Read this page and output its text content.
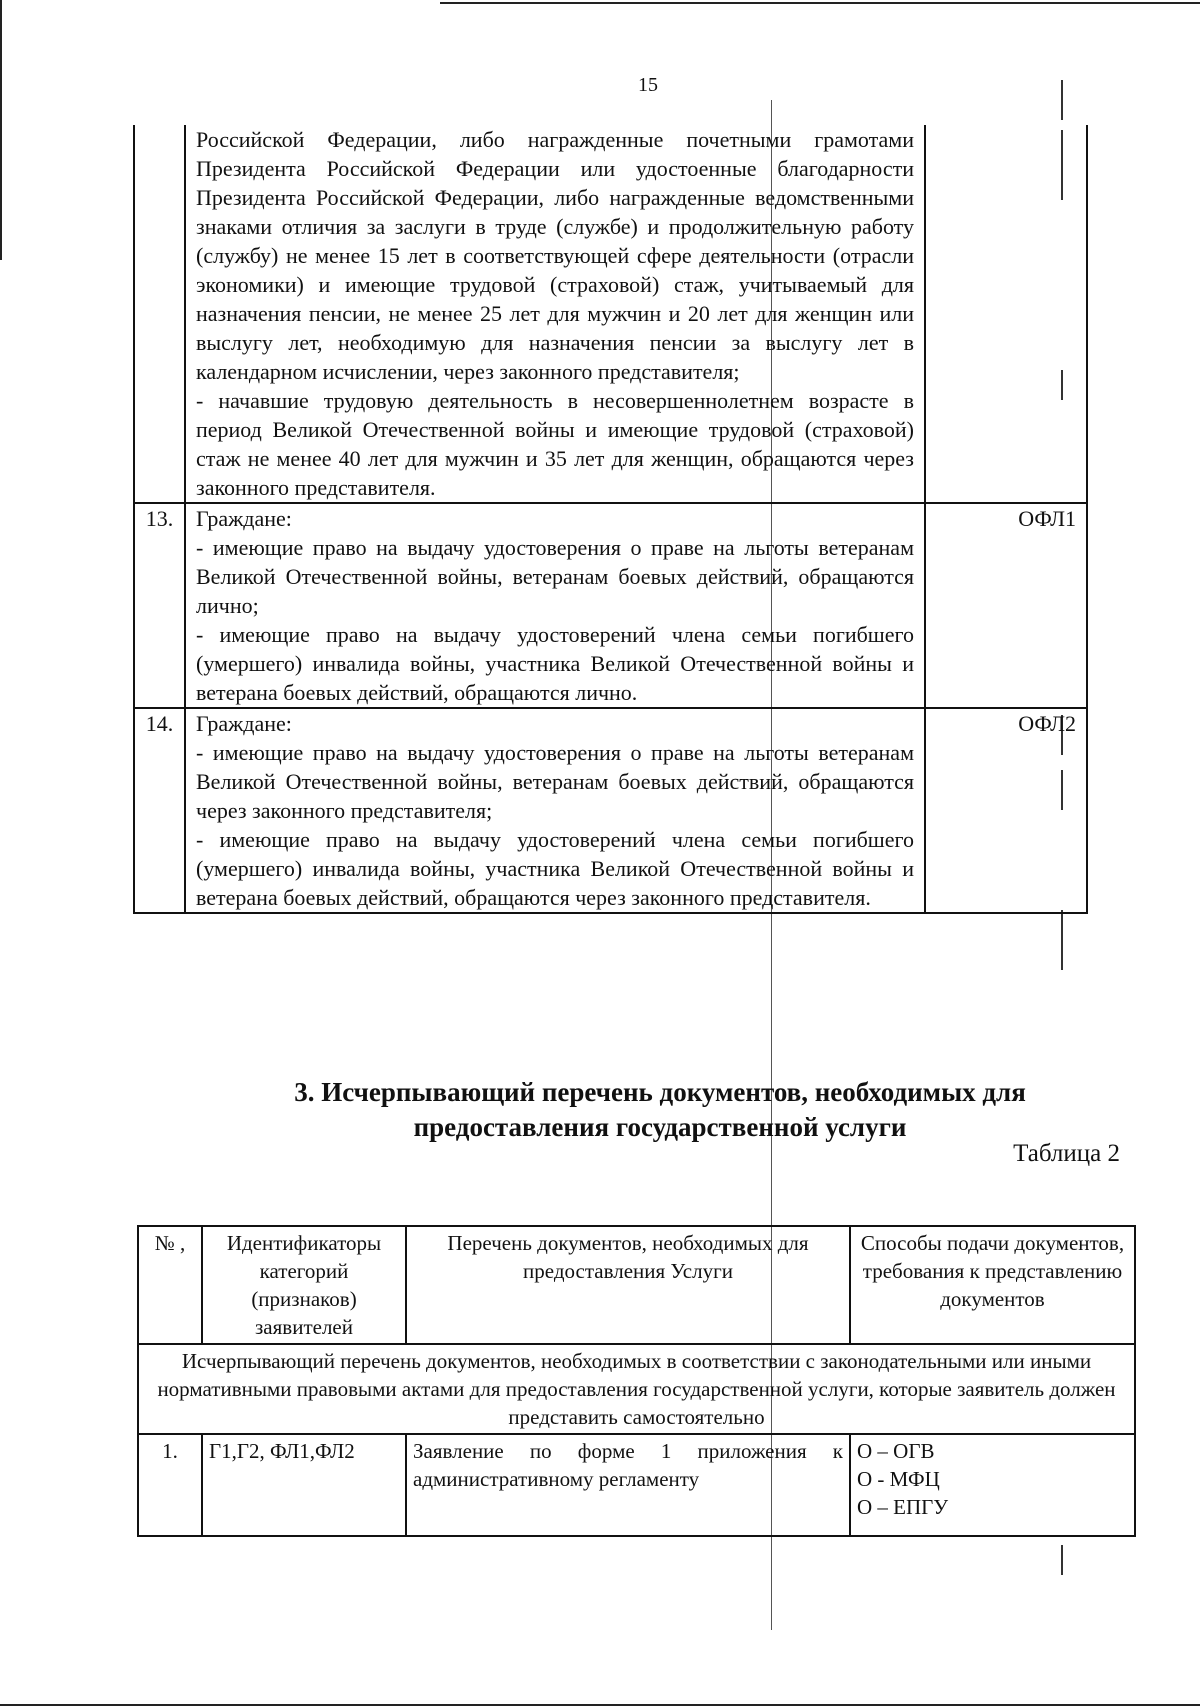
15

	Российской Федерации, либо награжденные почетными грамотами Президента Российской Федерации или удостоенные благодарности Президента Российской Федерации, либо награжденные ведомственными знаками отличия за заслуги в труде (службе) и продолжительную работу (службу) не менее 15 лет в соответствующей сфере деятельности (отрасли экономики) и имеющие трудовой (страховой) стаж, учитываемый для назначения пенсии, не менее 25 лет для мужчин и 20 лет для женщин или выслугу лет, необходимую для назначения пенсии за выслугу лет в календарном исчислении, через законного представителя;
- начавшие трудовую деятельность в несовершеннолетнем возрасте в период Великой Отечественной войны и имеющие трудовой (страховой) стаж не менее 40 лет для мужчин и 35 лет для женщин, обращаются через законного представителя.	

13.	Граждане:
- имеющие право на выдачу удостоверения о праве на льготы ветеранам Великой Отечественной войны, ветеранам боевых действий, обращаются лично;
- имеющие право на выдачу удостоверений члена семьи погибшего (умершего) инвалида войны, участника Великой Отечественной войны и ветерана боевых действий, обращаются лично.	ОФЛ1
14.	Граждане:
- имеющие право на выдачу удостоверения о праве на льготы ветеранам Великой Отечественной войны, ветеранам боевых действий, обращаются через законного представителя;
- имеющие право на выдачу удостоверений члена семьи погибшего (умершего) инвалида войны, участника Великой Отечественной войны и ветерана боевых действий, обращаются через законного представителя.	ОФЛ2
3. Исчерпывающий перечень документов, необходимых для
предоставления государственной услуги
Таблица 2
№ ,	Идентификаторы категорий (признаков) заявителей	Перечень документов, необходимых для предоставления Услуги	Способы подачи документов, требования к представлению документов
Исчерпывающий перечень документов, необходимых в соответствии с законодательными или иными нормативными правовыми актами для предоставления государственной услуги, которые заявитель должен представить самостоятельно			
1.	Г1,Г2, ФЛ1,ФЛ2	Заявление по форме 1 приложения к административному регламенту	О – ОГВ
О - МФЦ
О – ЕПГУ
